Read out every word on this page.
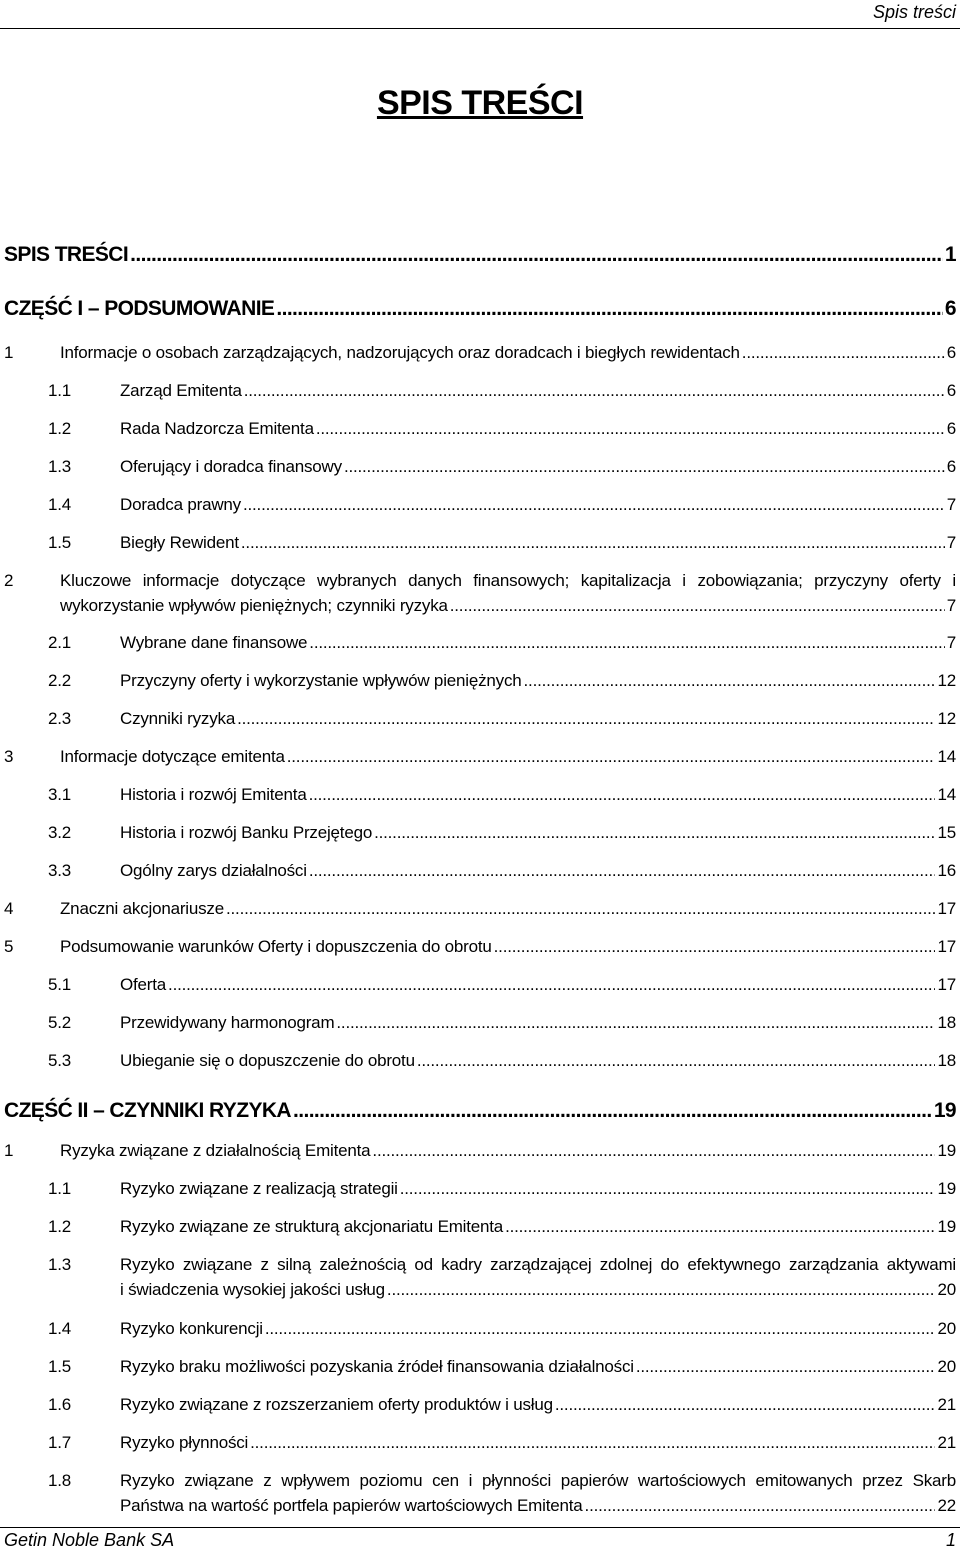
Spis treści
SPIS TREŚCI
SPIS TREŚCI .....	1
CZĘŚĆ I – PODSUMOWANIE .....	6
1	Informacje o osobach zarządzających, nadzorujących oraz doradcach i biegłych rewidentach .....	6
1.1	Zarząd Emitenta .....	6
1.2	Rada Nadzorcza Emitenta .....	6
1.3	Oferujący i doradca finansowy .....	6
1.4	Doradca prawny .....	7
1.5	Biegły Rewident .....	7
2	Kluczowe informacje dotyczące wybranych danych finansowych; kapitalizacja i zobowiązania; przyczyny oferty i
wykorzystanie wpływów pieniężnych; czynniki ryzyka .....	7
2.1	Wybrane dane finansowe .....	7
2.2	Przyczyny oferty i wykorzystanie wpływów pieniężnych .....	12
2.3	Czynniki ryzyka .....	12
3	Informacje dotyczące emitenta .....	14
3.1	Historia i rozwój Emitenta .....	14
3.2	Historia i rozwój Banku Przejętego .....	15
3.3	Ogólny zarys działalności .....	16
4	Znaczni akcjonariusze .....	17
5	Podsumowanie warunków Oferty i dopuszczenia do obrotu .....	17
5.1	Oferta .....	17
5.2	Przewidywany harmonogram .....	18
5.3	Ubieganie się o dopuszczenie do obrotu .....	18
CZĘŚĆ II – CZYNNIKI RYZYKA .....	19
1	Ryzyka związane z działalnością Emitenta .....	19
1.1	Ryzyko związane z realizacją strategii .....	19
1.2	Ryzyko związane ze strukturą akcjonariatu Emitenta .....	19
1.3	Ryzyko związane z silną zależnością od kadry zarządzającej zdolnej do efektywnego zarządzania aktywami
i świadczenia wysokiej jakości usług .....	20
1.4	Ryzyko konkurencji .....	20
1.5	Ryzyko braku możliwości pozyskania źródeł finansowania działalności .....	20
1.6	Ryzyko związane z rozszerzaniem oferty produktów i usług .....	21
1.7	Ryzyko płynności .....	21
1.8	Ryzyko związane z wpływem poziomu cen i płynności papierów wartościowych emitowanych przez Skarb
Państwa na wartość portfela papierów wartościowych Emitenta .....	22
Getin Noble Bank SA	1
